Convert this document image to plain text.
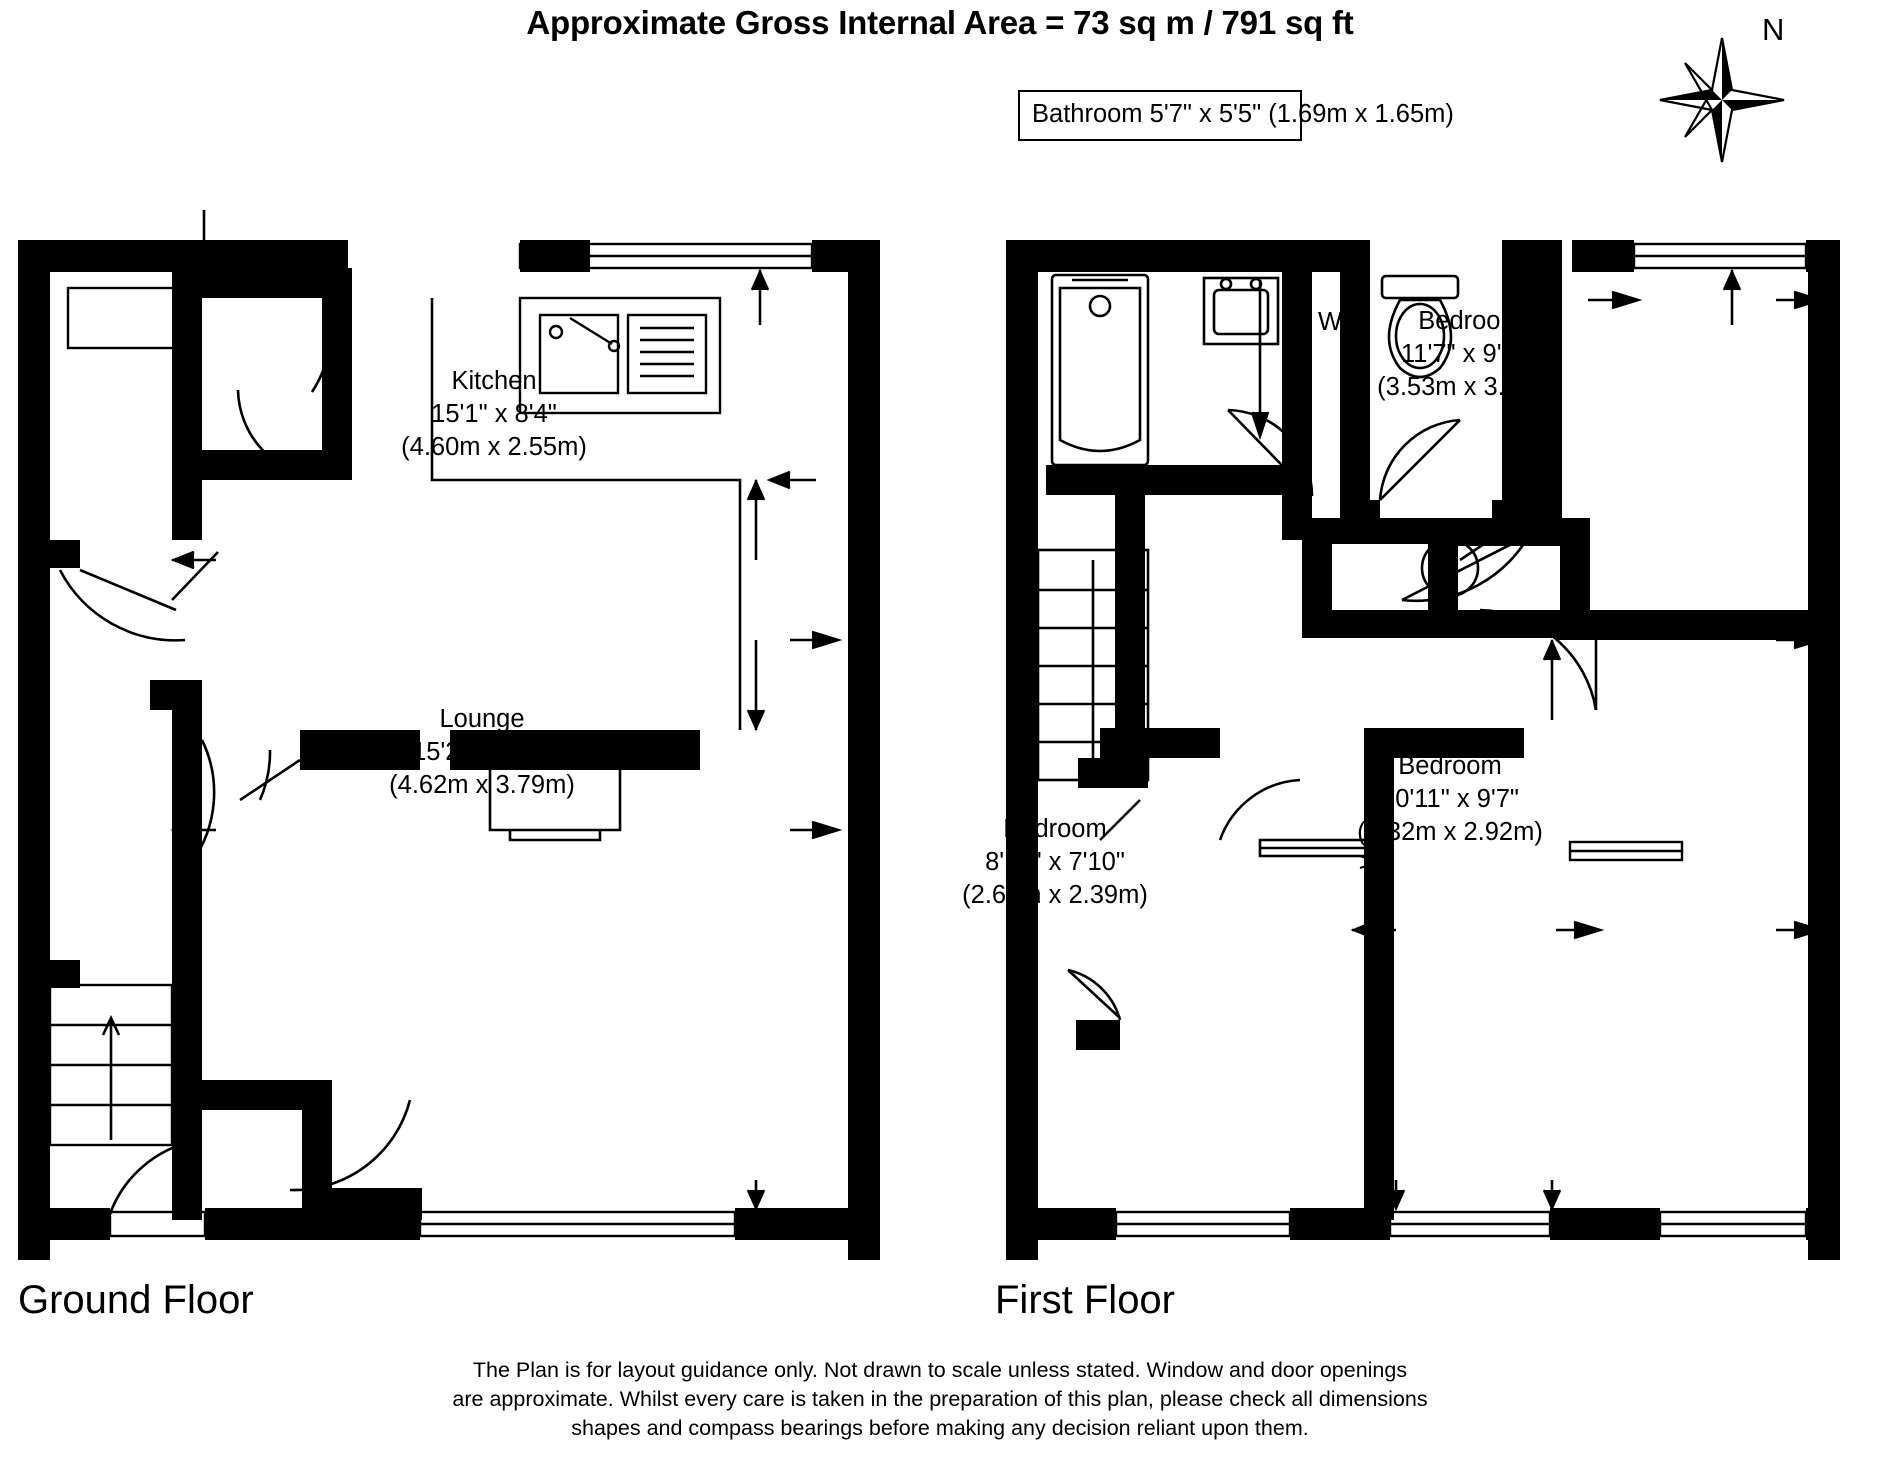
Approximate Gross Internal Area = 73 sq m / 791 sq ft	N
Kitchen
15'1" x 8'4"
(4.60m x 2.55m)
Lounge
15'2" x 12'5"
(4.62m x 3.79m)
Ground Floor
Bathroom 5'7" x 5'5" (1.69m x 1.65m)
W.C	Bedroom
11'7" x 9'10"
(3.53m x 3.00m)
Bedroom
10'11" x 9'7"
(3.32m x 2.92m)
Bedroom
8'10" x 7'10"
(2.68m x 2.39m)
First Floor
The Plan is for layout guidance only. Not drawn to scale unless stated. Window and door openings
are approximate. Whilst every care is taken in the preparation of this plan, please check all dimensions
shapes and compass bearings before making any decision reliant upon them.
